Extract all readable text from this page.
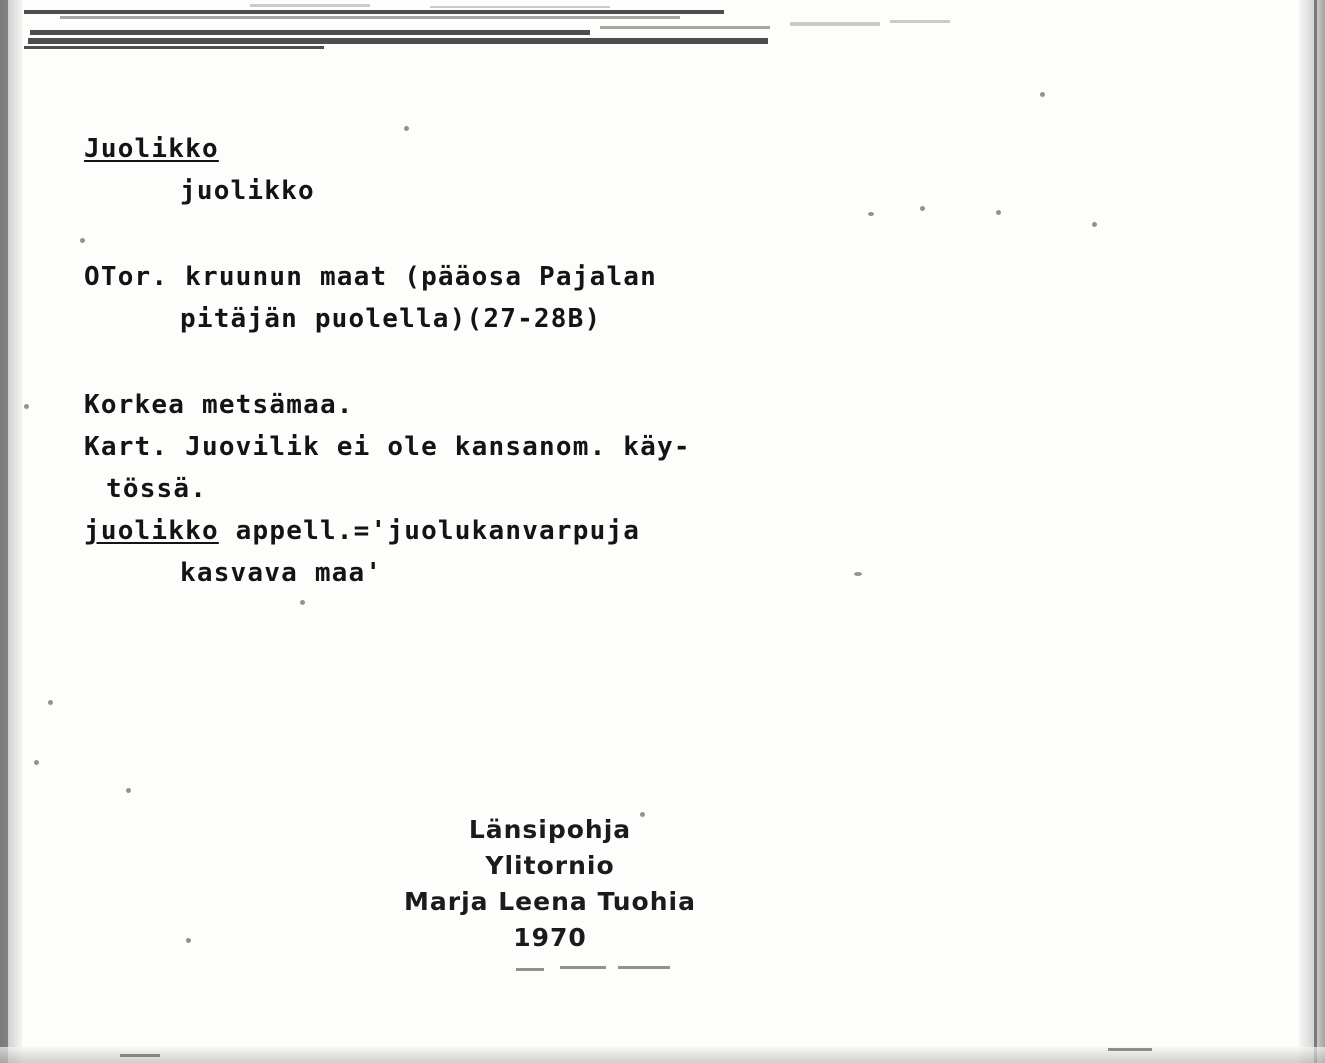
Juolikko
juolikko
OTor. kruunun maat (pääosa Pajalan
pitäjän puolella)(27-28B)
Korkea metsämaa.
Kart. Juovilik ei ole kansanom. käy-
tössä.
juolikko appell.='juolukanvarpuja
kasvava maa'
Länsipohja
Ylitornio
Marja Leena Tuohia
1970
